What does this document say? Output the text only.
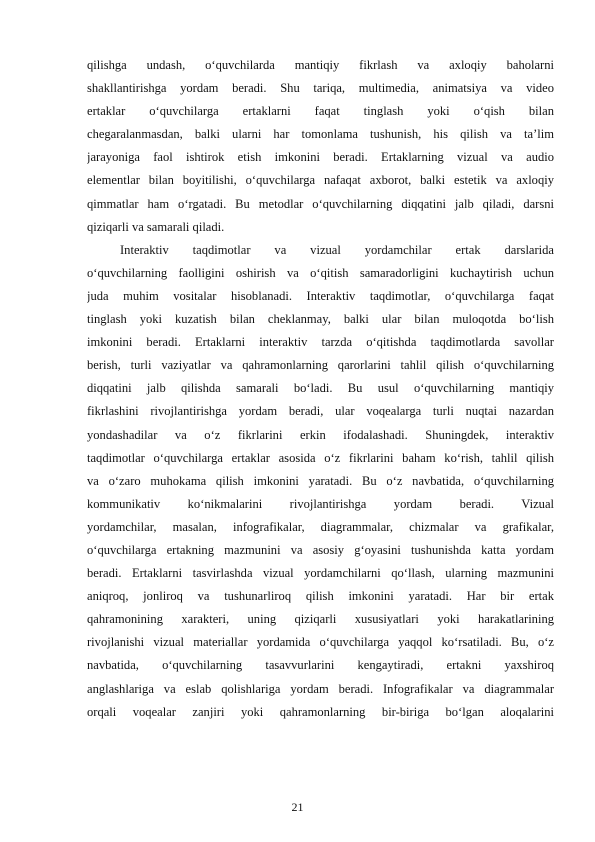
qilishga undash, o‘quvchilarda mantiqiy fikrlash va axloqiy baholarni
shakllantirishga yordam beradi. Shu tariqa, multimedia, animatsiya va video
ertaklar o‘quvchilarga ertaklarni faqat tinglash yoki o‘qish bilan
chegaralanmasdan, balki ularni har tomonlama tushunish, his qilish va ta’lim
jarayoniga faol ishtirok etish imkonini beradi. Ertaklarning vizual va audio
elementlar bilan boyitilishi, o‘quvchilarga nafaqat axborot, balki estetik va axloqiy
qimmatlar ham o‘rgatadi. Bu metodlar o‘quvchilarning diqqatini jalb qiladi, darsni
qiziqarli va samarali qiladi.
Interaktiv taqdimotlar va vizual yordamchilar ertak darslarida
o‘quvchilarning faolligini oshirish va o‘qitish samaradorligini kuchaytirish uchun
juda muhim vositalar hisoblanadi. Interaktiv taqdimotlar, o‘quvchilarga faqat
tinglash yoki kuzatish bilan cheklanmay, balki ular bilan muloqotda bo‘lish
imkonini beradi. Ertaklarni interaktiv tarzda o‘qitishda taqdimotlarda savollar
berish, turli vaziyatlar va qahramonlarning qarorlarini tahlil qilish o‘quvchilarning
diqqatini jalb qilishda samarali bo‘ladi. Bu usul o‘quvchilarning mantiqiy
fikrlashini rivojlantirishga yordam beradi, ular voqealarga turli nuqtai nazardan
yondashadilar va o‘z fikrlarini erkin ifodalashadi. Shuningdek, interaktiv
taqdimotlar o‘quvchilarga ertaklar asosida o‘z fikrlarini baham ko‘rish, tahlil qilish
va o‘zaro muhokama qilish imkonini yaratadi. Bu o‘z navbatida, o‘quvchilarning
kommunikativ ko‘nikmalarini rivojlantirishga yordam beradi. Vizual
yordamchilar, masalan, infografikalar, diagrammalar, chizmalar va grafikalar,
o‘quvchilarga ertakning mazmunini va asosiy g‘oyasini tushunishda katta yordam
beradi. Ertaklarni tasvirlashda vizual yordamchilarni qo‘llash, ularning mazmunini
aniqroq, jonliroq va tushunarliroq qilish imkonini yaratadi. Har bir ertak
qahramonining xarakteri, uning qiziqarli xususiyatlari yoki harakatlarining
rivojlanishi vizual materiallar yordamida o‘quvchilarga yaqqol ko‘rsatiladi. Bu, o‘z
navbatida, o‘quvchilarning tasavvurlarini kengaytiradi, ertakni yaxshiroq
anglashlariga va eslab qolishlariga yordam beradi. Infografikalar va diagrammalar
orqali voqealar zanjiri yoki qahramonlarning bir-biriga bo‘lgan aloqalarini
21
